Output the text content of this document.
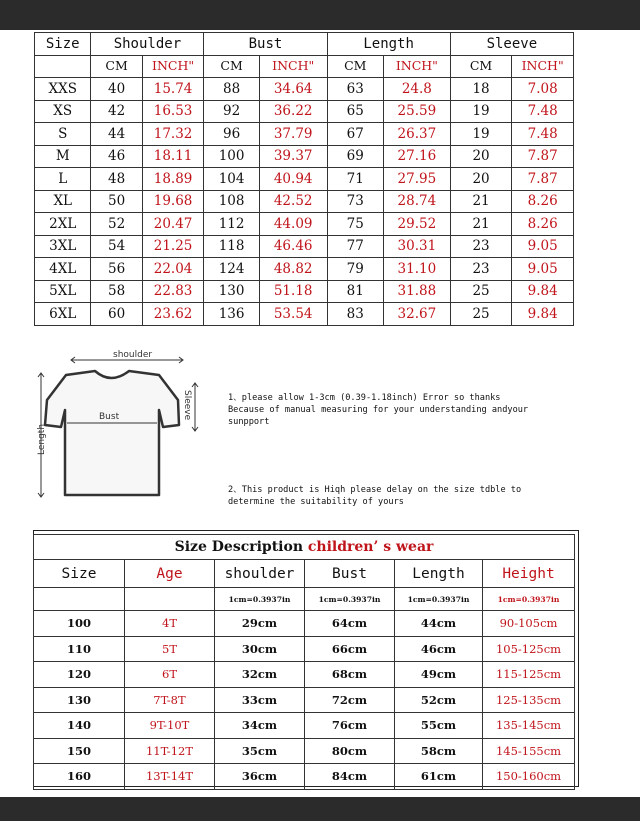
Size	Shoulder		Bust		Length		Sleeve	
	CM	INCH"	CM	INCH"	CM	INCH"	CM	INCH"
XXS	40	15.74	88	34.64	63	24.8	18	7.08
XS	42	16.53	92	36.22	65	25.59	19	7.48
S	44	17.32	96	37.79	67	26.37	19	7.48
M	46	18.11	100	39.37	69	27.16	20	7.87
L	48	18.89	104	40.94	71	27.95	20	7.87
XL	50	19.68	108	42.52	73	28.74	21	8.26
2XL	52	20.47	112	44.09	75	29.52	21	8.26
3XL	54	21.25	118	46.46	77	30.31	23	9.05
4XL	56	22.04	124	48.82	79	31.10	23	9.05
5XL	58	22.83	130	51.18	81	31.88	25	9.84
6XL	60	23.62	136	53.54	83	32.67	25	9.84
shoulder
Bust
Length
Sleeve	1、please allow 1-3cm (0.39-1.18inch) Error so thanks

Because of manual measuring for your understanding andyour

sunpport

2、This product is Hiqh please delay on the size tdble to

determine the suitability of yours

Size Description children’ s wear					
Size	Age	shoulder	Bust	Length	Height
		1cm=0.3937in	1cm=0.3937in	1cm=0.3937in	1cm=0.3937in
100	4T	29cm	64cm	44cm	90-105cm
110	5T	30cm	66cm	46cm	105-125cm
120	6T	32cm	68cm	49cm	115-125cm
130	7T-8T	33cm	72cm	52cm	125-135cm
140	9T-10T	34cm	76cm	55cm	135-145cm
150	11T-12T	35cm	80cm	58cm	145-155cm
160	13T-14T	36cm	84cm	61cm	150-160cm
